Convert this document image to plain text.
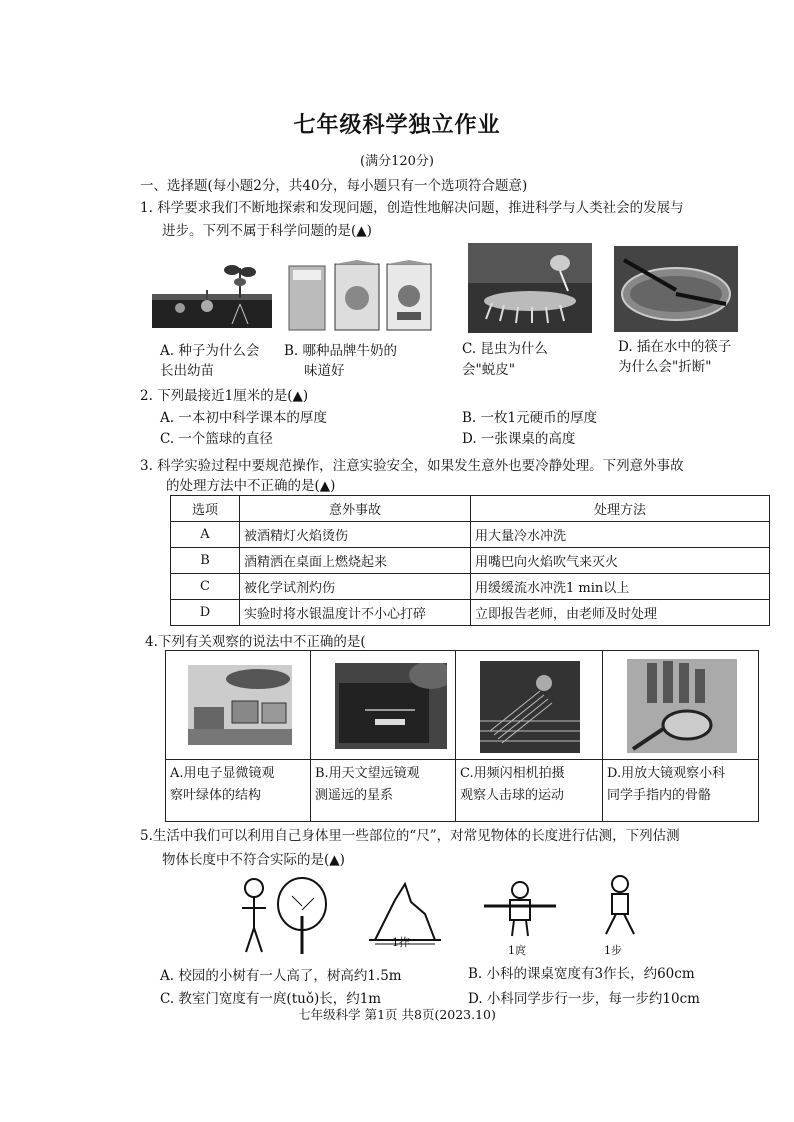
七年级科学独立作业
(满分120分)
一、选择题(每小题2分，共40分，每小题只有一个选项符合题意)
1. 科学要求我们不断地探索和发现问题，创造性地解决问题，推进科学与人类社会的发展与
进步。下列不属于科学问题的是(▲)
A. 种子为什么会
长出幼苗
B. 哪种品牌牛奶的
味道好
C. 昆虫为什么
会"蜕皮"
D. 插在水中的筷子
为什么会"折断"
2. 下列最接近1厘米的是(▲)
A. 一本初中科学课本的厚度	B. 一枚1元硬币的厚度
C. 一个篮球的直径	D. 一张课桌的高度
3. 科学实验过程中要规范操作，注意实验安全，如果发生意外也要冷静处理。下列意外事故
的处理方法中不正确的是(▲)
选项	意外事故	处理方法
A	被酒精灯火焰烫伤	用大量冷水冲洗
B	酒精洒在桌面上燃烧起来	用嘴巴向火焰吹气来灭火
C	被化学试剂灼伤	用缓缓流水冲洗1 min以上
D	实验时将水银温度计不小心打碎	立即报告老师，由老师及时处理
4.下列有关观察的说法中不正确的是(
A.用电子显微镜观
察叶绿体的结构
B.用天文望远镜观
测遥远的星系
C.用频闪相机拍摄
观察人击球的运动
D.用放大镜观察小科
同学手指内的骨骼
5.生活中我们可以利用自己身体里一些部位的“尺”，对常见物体的长度进行估测，下列估测
物体长度中不符合实际的是(▲)
1拃
1庹	1步
A. 校园的小树有一人高了，树高约1.5m	B. 小科的课桌宽度有3作长，约60cm
C. 教室门宽度有一庹(tuǒ)长，约1m	D. 小科同学步行一步，每一步约10cm
七年级科学 第1页 共8页(2023.10)
